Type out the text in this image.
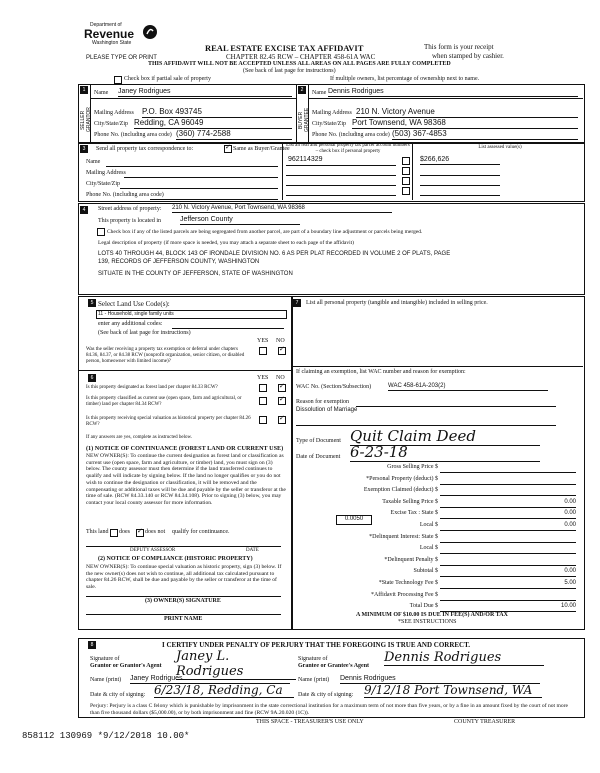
Department of
Revenue
Washington State
PLEASE TYPE OR PRINT
REAL ESTATE EXCISE TAX AFFIDAVIT
CHAPTER 82.45 RCW – CHAPTER 458-61A WAC
THIS AFFIDAVIT WILL NOT BE ACCEPTED UNLESS ALL AREAS ON ALL PAGES ARE FULLY COMPLETED
(See back of last page for instructions)
This form is your receipt
when stamped by cashier.
Check box if partial sale of property	If multiple owners, list percentage of ownership next to name.
1	2
SELLER GRANTOR	BUYER GRANTEE
Name Janey Rodrigues
Mailing Address P.O. Box 493745
City/State/Zip Redding, CA 96049
Phone No. (including area code) (360) 774-2588
Name Dennis Rodrigues
Mailing Address 210 N. Victory Avenue
City/State/Zip Port Townsend, WA 98368
Phone No. (including area code) (503) 367-4853
3	Send all property tax correspondence to: ✓	Same as Buyer/Grantee
List all real and personal property tax parcel account numbers – check box if personal property
List assessed value(s)
Name
Mailing Address
City/State/Zip
Phone No. (including area code)
962114329	$266,626
4	Street address of property: 210 N. Victory Avenue, Port Townsend, WA 98368
This property is located in	Jefferson County
Check box if any of the listed parcels are being segregated from another parcel, are part of a boundary line adjustment or parcels being merged.
Legal description of property (if more space is needed, you may attach a separate sheet to each page of the affidavit)
LOTS 40 THROUGH 44, BLOCK 143 OF IRONDALE DIVISION NO. 6 AS PER PLAT RECORDED IN VOLUME 2 OF PLATS, PAGE
139, RECORDS OF JEFFERSON COUNTY, WASHINGTON
SITUATE IN THE COUNTY OF JEFFERSON, STATE OF WASHINGTON
5 Select Land Use Code(s):
11 - Household, single family units
enter any additional codes:
(See back of last page for instructions)
YES NO
Was the seller receiving a property tax exemption or deferral under chapters 84.36, 84.37, or 84.38 RCW (nonprofit organization, senior citizen, or disabled person, homeowner with limited income)?
✓
7	List all personal property (tangible and intangible) included in selling price.
6	YES NO
Is this property designated as forest land per chapter 84.33 RCW?
✓
Is this property classified as current use (open space, farm and agricultural, or timber) land per chapter 84.34 RCW?
✓
Is this property receiving special valuation as historical property per chapter 84.26 RCW?
✓
If any answers are yes, complete as instructed below.
(1) NOTICE OF CONTINUANCE (FOREST LAND OR CURRENT USE)
NEW OWNER(S): To continue the current designation as forest land or classification as current use (open space, farm and agriculture, or timber) land, you must sign on (3) below. The county assessor must then determine if the land transferred continues to qualify and will indicate by signing below. If the land no longer qualifies or you do not wish to continue the designation or classification, it will be removed and the compensating or additional taxes will be due and payable by the seller or transferor at the time of sale. (RCW 84.33.140 or RCW 84.34.108). Prior to signing (3) below, you may contact your local county assessor for more information.
This land does ✓	does not qualify for continuance.
DEPUTY ASSESSOR	DATE
(2) NOTICE OF COMPLIANCE (HISTORIC PROPERTY)
NEW OWNER(S): To continue special valuation as historic property, sign (3) below. If the new owner(s) does not wish to continue, all additional tax calculated pursuant to chapter 84.26 RCW, shall be due and payable by the seller or transferor at the time of sale.
(3) OWNER(S) SIGNATURE
PRINT NAME
If claiming an exemption, list WAC number and reason for exemption:
WAC No. (Section/Subsection)	WAC 458-61A-203(2)
Reason for exemption
Dissolution of Marriage
Type of Document Quit Claim Deed
Date of Document 6-23-18
Gross Selling Price $
*Personal Property (deduct) $
Exemption Claimed (deduct) $
Taxable Selling Price $	0.00
Excise Tax : State $	0.00
Local $	0.00
*Delinquent Interest: State $
Local $
*Delinquent Penalty $
Subtotal $	0.00
*State Technology Fee $	5.00
*Affidavit Processing Fee $
Total Due $	10.00
0.0050
A MINIMUM OF $10.00 IS DUE IN FEE(S) AND/OR TAX
*SEE INSTRUCTIONS
8	I CERTIFY UNDER PENALTY OF PERJURY THAT THE FOREGOING IS TRUE AND CORRECT.
Signature of
Grantor or Grantor's Agent
Janey L. Rodrigues
Signature of
Grantee or Grantee's Agent
Dennis Rodrigues
Name (print) Janey Rodrigues	Name (print) Dennis Rodrigues
Date & city of signing: 6/23/18, Redding, Ca	Date & city of signing: 9/12/18 Port Townsend, WA
Perjury: Perjury is a class C felony which is punishable by imprisonment in the state correctional institution for a maximum term of not more than five years, or by a fine in an amount fixed by the court of not more than five thousand dollars ($5,000.00), or by both imprisonment and fine (RCW 9A.20.020 (1C)).
858112 130969 *9/12/2018 10.00*
THIS SPACE - TREASURER'S USE ONLY	COUNTY TREASURER
